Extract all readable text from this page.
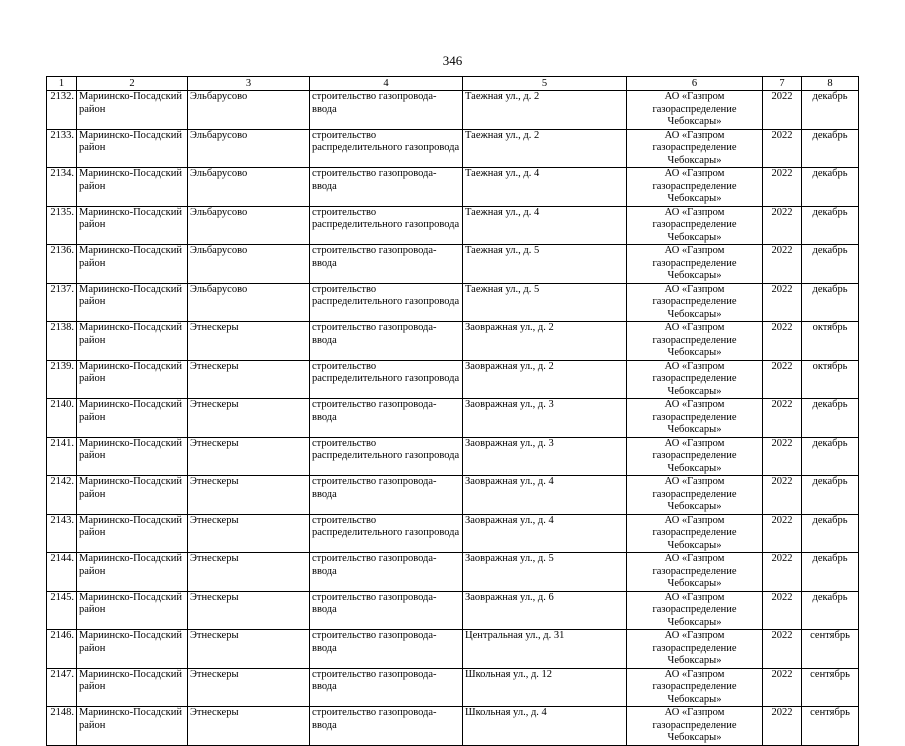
346
1	2	3	4	5	6	7	8
2132.	Мариинско-Посадский район	Эльбарусово	строительство газопровода-ввода	Таежная ул., д. 2	АО «Газпром газораспределение Чебоксары»	2022	декабрь
2133.	Мариинско-Посадский район	Эльбарусово	строительство распределительного газопровода	Таежная ул., д. 2	АО «Газпром газораспределение Чебоксары»	2022	декабрь
2134.	Мариинско-Посадский район	Эльбарусово	строительство газопровода-ввода	Таежная ул., д. 4	АО «Газпром газораспределение Чебоксары»	2022	декабрь
2135.	Мариинско-Посадский район	Эльбарусово	строительство распределительного газопровода	Таежная ул., д. 4	АО «Газпром газораспределение Чебоксары»	2022	декабрь
2136.	Мариинско-Посадский район	Эльбарусово	строительство газопровода-ввода	Таежная ул., д. 5	АО «Газпром газораспределение Чебоксары»	2022	декабрь
2137.	Мариинско-Посадский район	Эльбарусово	строительство распределительного газопровода	Таежная ул., д. 5	АО «Газпром газораспределение Чебоксары»	2022	декабрь
2138.	Мариинско-Посадский район	Этнескеры	строительство газопровода-ввода	Заовражная ул., д. 2	АО «Газпром газораспределение Чебоксары»	2022	октябрь
2139.	Мариинско-Посадский район	Этнескеры	строительство распределительного газопровода	Заовражная ул., д. 2	АО «Газпром газораспределение Чебоксары»	2022	октябрь
2140.	Мариинско-Посадский район	Этнескеры	строительство газопровода-ввода	Заовражная ул., д. 3	АО «Газпром газораспределение Чебоксары»	2022	декабрь
2141.	Мариинско-Посадский район	Этнескеры	строительство распределительного газопровода	Заовражная ул., д. 3	АО «Газпром газораспределение Чебоксары»	2022	декабрь
2142.	Мариинско-Посадский район	Этнескеры	строительство газопровода-ввода	Заовражная ул., д. 4	АО «Газпром газораспределение Чебоксары»	2022	декабрь
2143.	Мариинско-Посадский район	Этнескеры	строительство распределительного газопровода	Заовражная ул., д. 4	АО «Газпром газораспределение Чебоксары»	2022	декабрь
2144.	Мариинско-Посадский район	Этнескеры	строительство газопровода-ввода	Заовражная ул., д. 5	АО «Газпром газораспределение Чебоксары»	2022	декабрь
2145.	Мариинско-Посадский район	Этнескеры	строительство газопровода-ввода	Заовражная ул., д. 6	АО «Газпром газораспределение Чебоксары»	2022	декабрь
2146.	Мариинско-Посадский район	Этнескеры	строительство газопровода-ввода	Центральная ул., д. 31	АО «Газпром газораспределение Чебоксары»	2022	сентябрь
2147.	Мариинско-Посадский район	Этнескеры	строительство газопровода-ввода	Школьная ул., д. 12	АО «Газпром газораспределение Чебоксары»	2022	сентябрь
2148.	Мариинско-Посадский район	Этнескеры	строительство газопровода-ввода	Школьная ул., д. 4	АО «Газпром газораспределение Чебоксары»	2022	сентябрь
